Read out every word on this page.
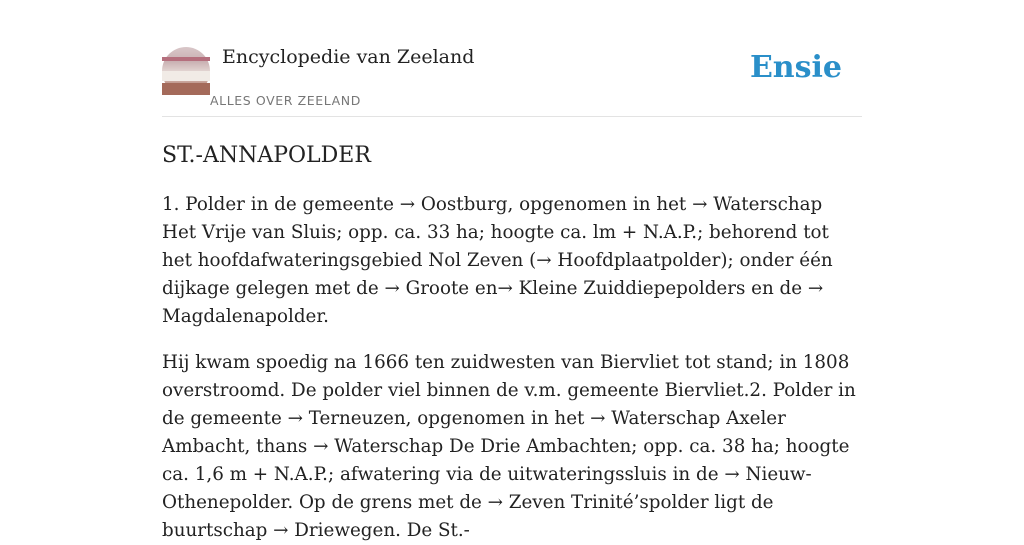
Encyclopedie van Zeeland
ALLES OVER ZEELAND
Ensie
ST.-ANNAPOLDER

1. Polder in de gemeente → Oostburg, opgenomen in het → Waterschap Het Vrije van Sluis; opp. ca. 33 ha; hoogte ca. lm + N.A.P.; behorend tot het hoofdafwateringsgebied Nol Zeven (→ Hoofdplaatpolder); onder één dijkage gelegen met de → Groote en→ Kleine Zuiddiepepolders en de → Magdalenapolder.

Hij kwam spoedig na 1666 ten zuidwesten van Biervliet tot stand; in 1808 overstroomd. De polder viel binnen de v.m. gemeente Biervliet.2. Polder in de gemeente → Terneuzen, opgenomen in het → Waterschap Axeler Ambacht, thans → Waterschap De Drie Ambachten; opp. ca. 38 ha; hoogte ca. 1,6 m + N.A.P.; afwatering via de uitwateringssluis in de → Nieuw-Othenepolder. Op de grens met de → Zeven Trinité’spolder ligt de buurtschap → Driewegen. De St.-
